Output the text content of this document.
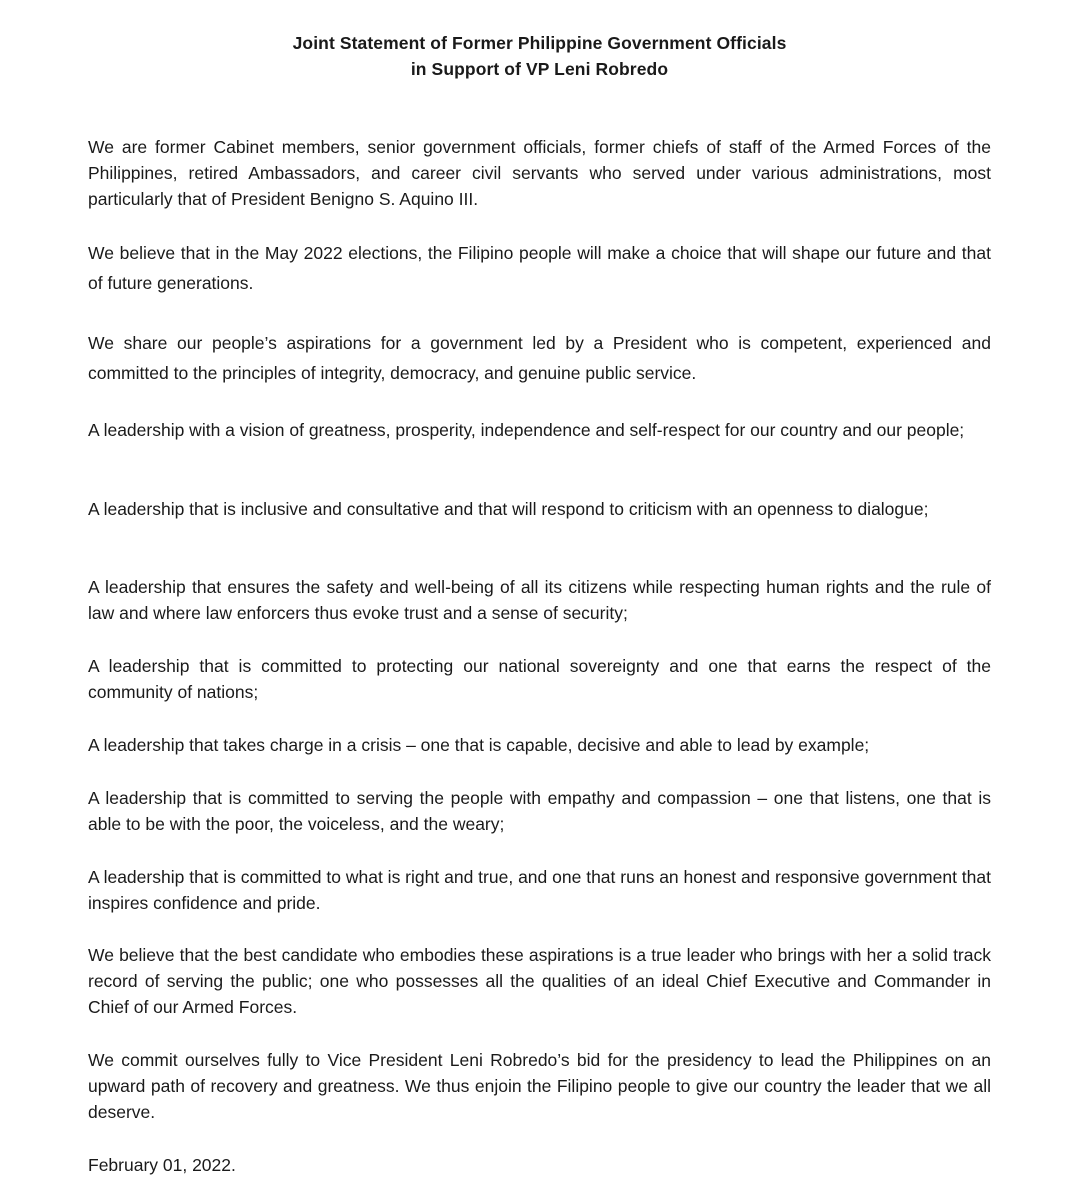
Joint Statement of Former Philippine Government Officials
in Support of VP Leni Robredo

We are former Cabinet members, senior government officials, former chiefs of staff of the Armed Forces of the Philippines, retired Ambassadors, and career civil servants who served under various administrations, most particularly that of President Benigno S. Aquino III.

We believe that in the May 2022 elections, the Filipino people will make a choice that will shape our future and that of future generations.

We share our people’s aspirations for a government led by a President who is competent, experienced and committed to the principles of integrity, democracy, and genuine public service.

A leadership with a vision of greatness, prosperity, independence and self-respect for our country and our people;

A leadership that is inclusive and consultative and that will respond to criticism with an openness to dialogue;

A leadership that ensures the safety and well-being of all its citizens while respecting human rights and the rule of law and where law enforcers thus evoke trust and a sense of security;

A leadership that is committed to protecting our national sovereignty and one that earns the respect of the community of nations;

A leadership that takes charge in a crisis – one that is capable, decisive and able to lead by example;

A leadership that is committed to serving the people with empathy and compassion – one that listens, one that is able to be with the poor, the voiceless, and the weary;

A leadership that is committed to what is right and true, and one that runs an honest and responsive government that inspires confidence and pride.

We believe that the best candidate who embodies these aspirations is a true leader who brings with her a solid track record of serving the public; one who possesses all the qualities of an ideal Chief Executive and Commander in Chief of our Armed Forces.

We commit ourselves fully to Vice President Leni Robredo’s bid for the presidency to lead the Philippines on an upward path of recovery and greatness. We thus enjoin the Filipino people to give our country the leader that we all deserve.

February 01, 2022.
